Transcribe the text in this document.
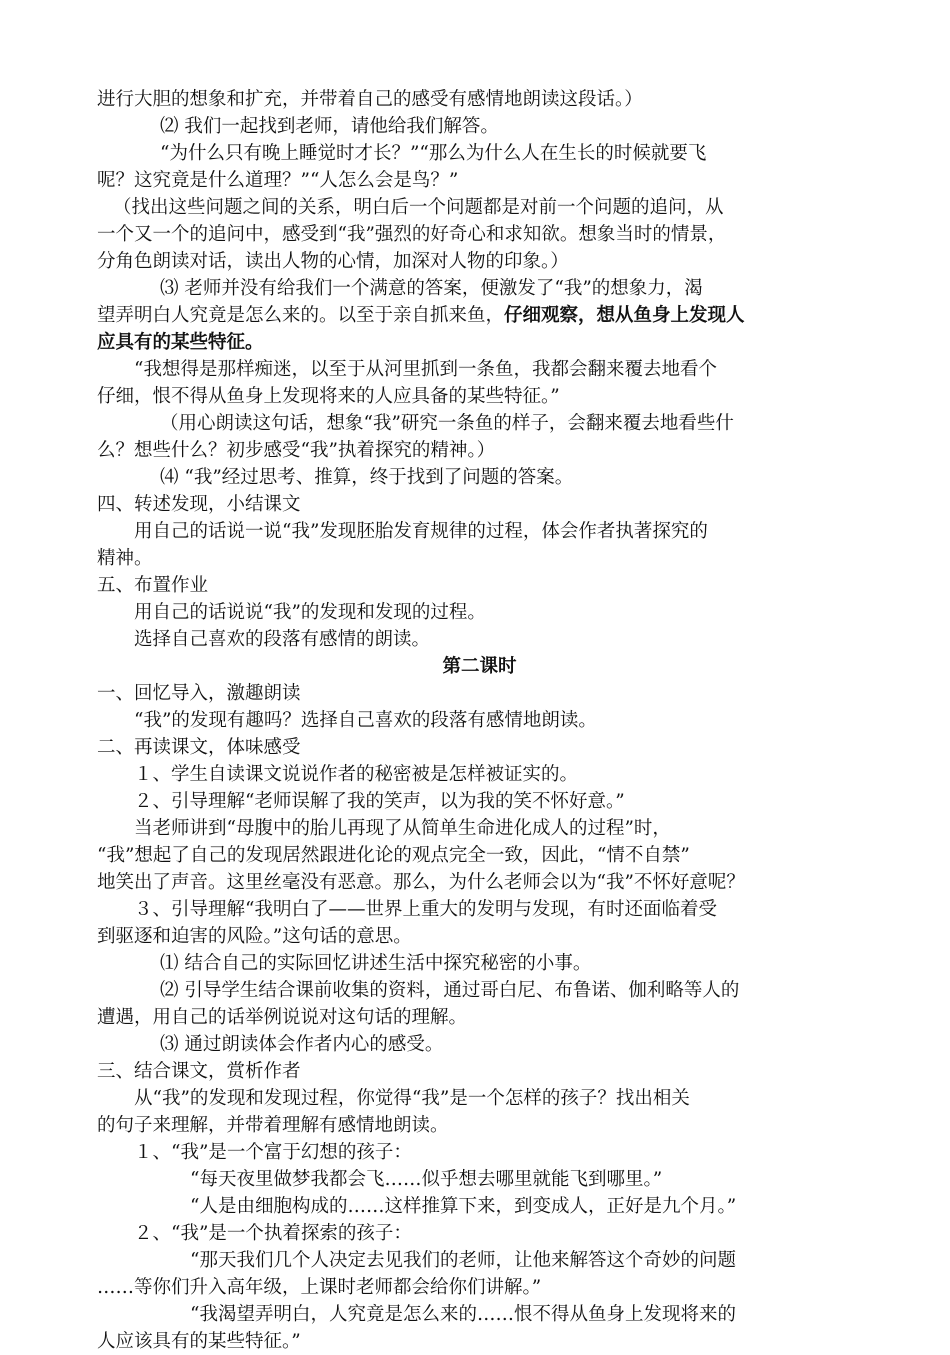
进行大胆的想象和扩充，并带着自己的感受有感情地朗读这段话。）
⑵ 我们一起找到老师，请他给我们解答。
“为什么只有晚上睡觉时才长？”“那么为什么人在生长的时候就要飞
呢？这究竟是什么道理？”“人怎么会是鸟？”
（找出这些问题之间的关系，明白后一个问题都是对前一个问题的追问，从
一个又一个的追问中，感受到“我”强烈的好奇心和求知欲。想象当时的情景，
分角色朗读对话，读出人物的心情，加深对人物的印象。）
⑶ 老师并没有给我们一个满意的答案，便激发了“我”的想象力，渴
望弄明白人究竟是怎么来的。以至于亲自抓来鱼，仔细观察，想从鱼身上发现人
应具有的某些特征。
“我想得是那样痴迷，以至于从河里抓到一条鱼，我都会翻来覆去地看个
仔细，恨不得从鱼身上发现将来的人应具备的某些特征。”
（用心朗读这句话，想象“我”研究一条鱼的样子，会翻来覆去地看些什
么？想些什么？初步感受“我”执着探究的精神。）
⑷ “我”经过思考、推算，终于找到了问题的答案。
四、转述发现，小结课文
用自己的话说一说“我”发现胚胎发育规律的过程，体会作者执著探究的
精神。
五、布置作业
用自己的话说说“我”的发现和发现的过程。
选择自己喜欢的段落有感情的朗读。
第二课时
一、回忆导入，激趣朗读
“我”的发现有趣吗？选择自己喜欢的段落有感情地朗读。
二、再读课文，体味感受
１、学生自读课文说说作者的秘密被是怎样被证实的。
２、引导理解“老师误解了我的笑声，以为我的笑不怀好意。”
当老师讲到“母腹中的胎儿再现了从简单生命进化成人的过程”时，
“我”想起了自己的发现居然跟进化论的观点完全一致，因此，“情不自禁”
地笑出了声音。这里丝毫没有恶意。那么，为什么老师会以为“我”不怀好意呢？
３、引导理解“我明白了——世界上重大的发明与发现，有时还面临着受
到驱逐和迫害的风险。”这句话的意思。
⑴ 结合自己的实际回忆讲述生活中探究秘密的小事。
⑵ 引导学生结合课前收集的资料，通过哥白尼、布鲁诺、伽利略等人的
遭遇，用自己的话举例说说对这句话的理解。
⑶ 通过朗读体会作者内心的感受。
三、结合课文，赏析作者
从“我”的发现和发现过程，你觉得“我”是一个怎样的孩子？找出相关
的句子来理解，并带着理解有感情地朗读。
１、“我”是一个富于幻想的孩子：
“每天夜里做梦我都会飞……似乎想去哪里就能飞到哪里。”
“人是由细胞构成的……这样推算下来，到变成人，正好是九个月。”
２、“我”是一个执着探索的孩子：
“那天我们几个人决定去见我们的老师，让他来解答这个奇妙的问题
……等你们升入高年级，上课时老师都会给你们讲解。”
“我渴望弄明白，人究竟是怎么来的……恨不得从鱼身上发现将来的
人应该具有的某些特征。”
